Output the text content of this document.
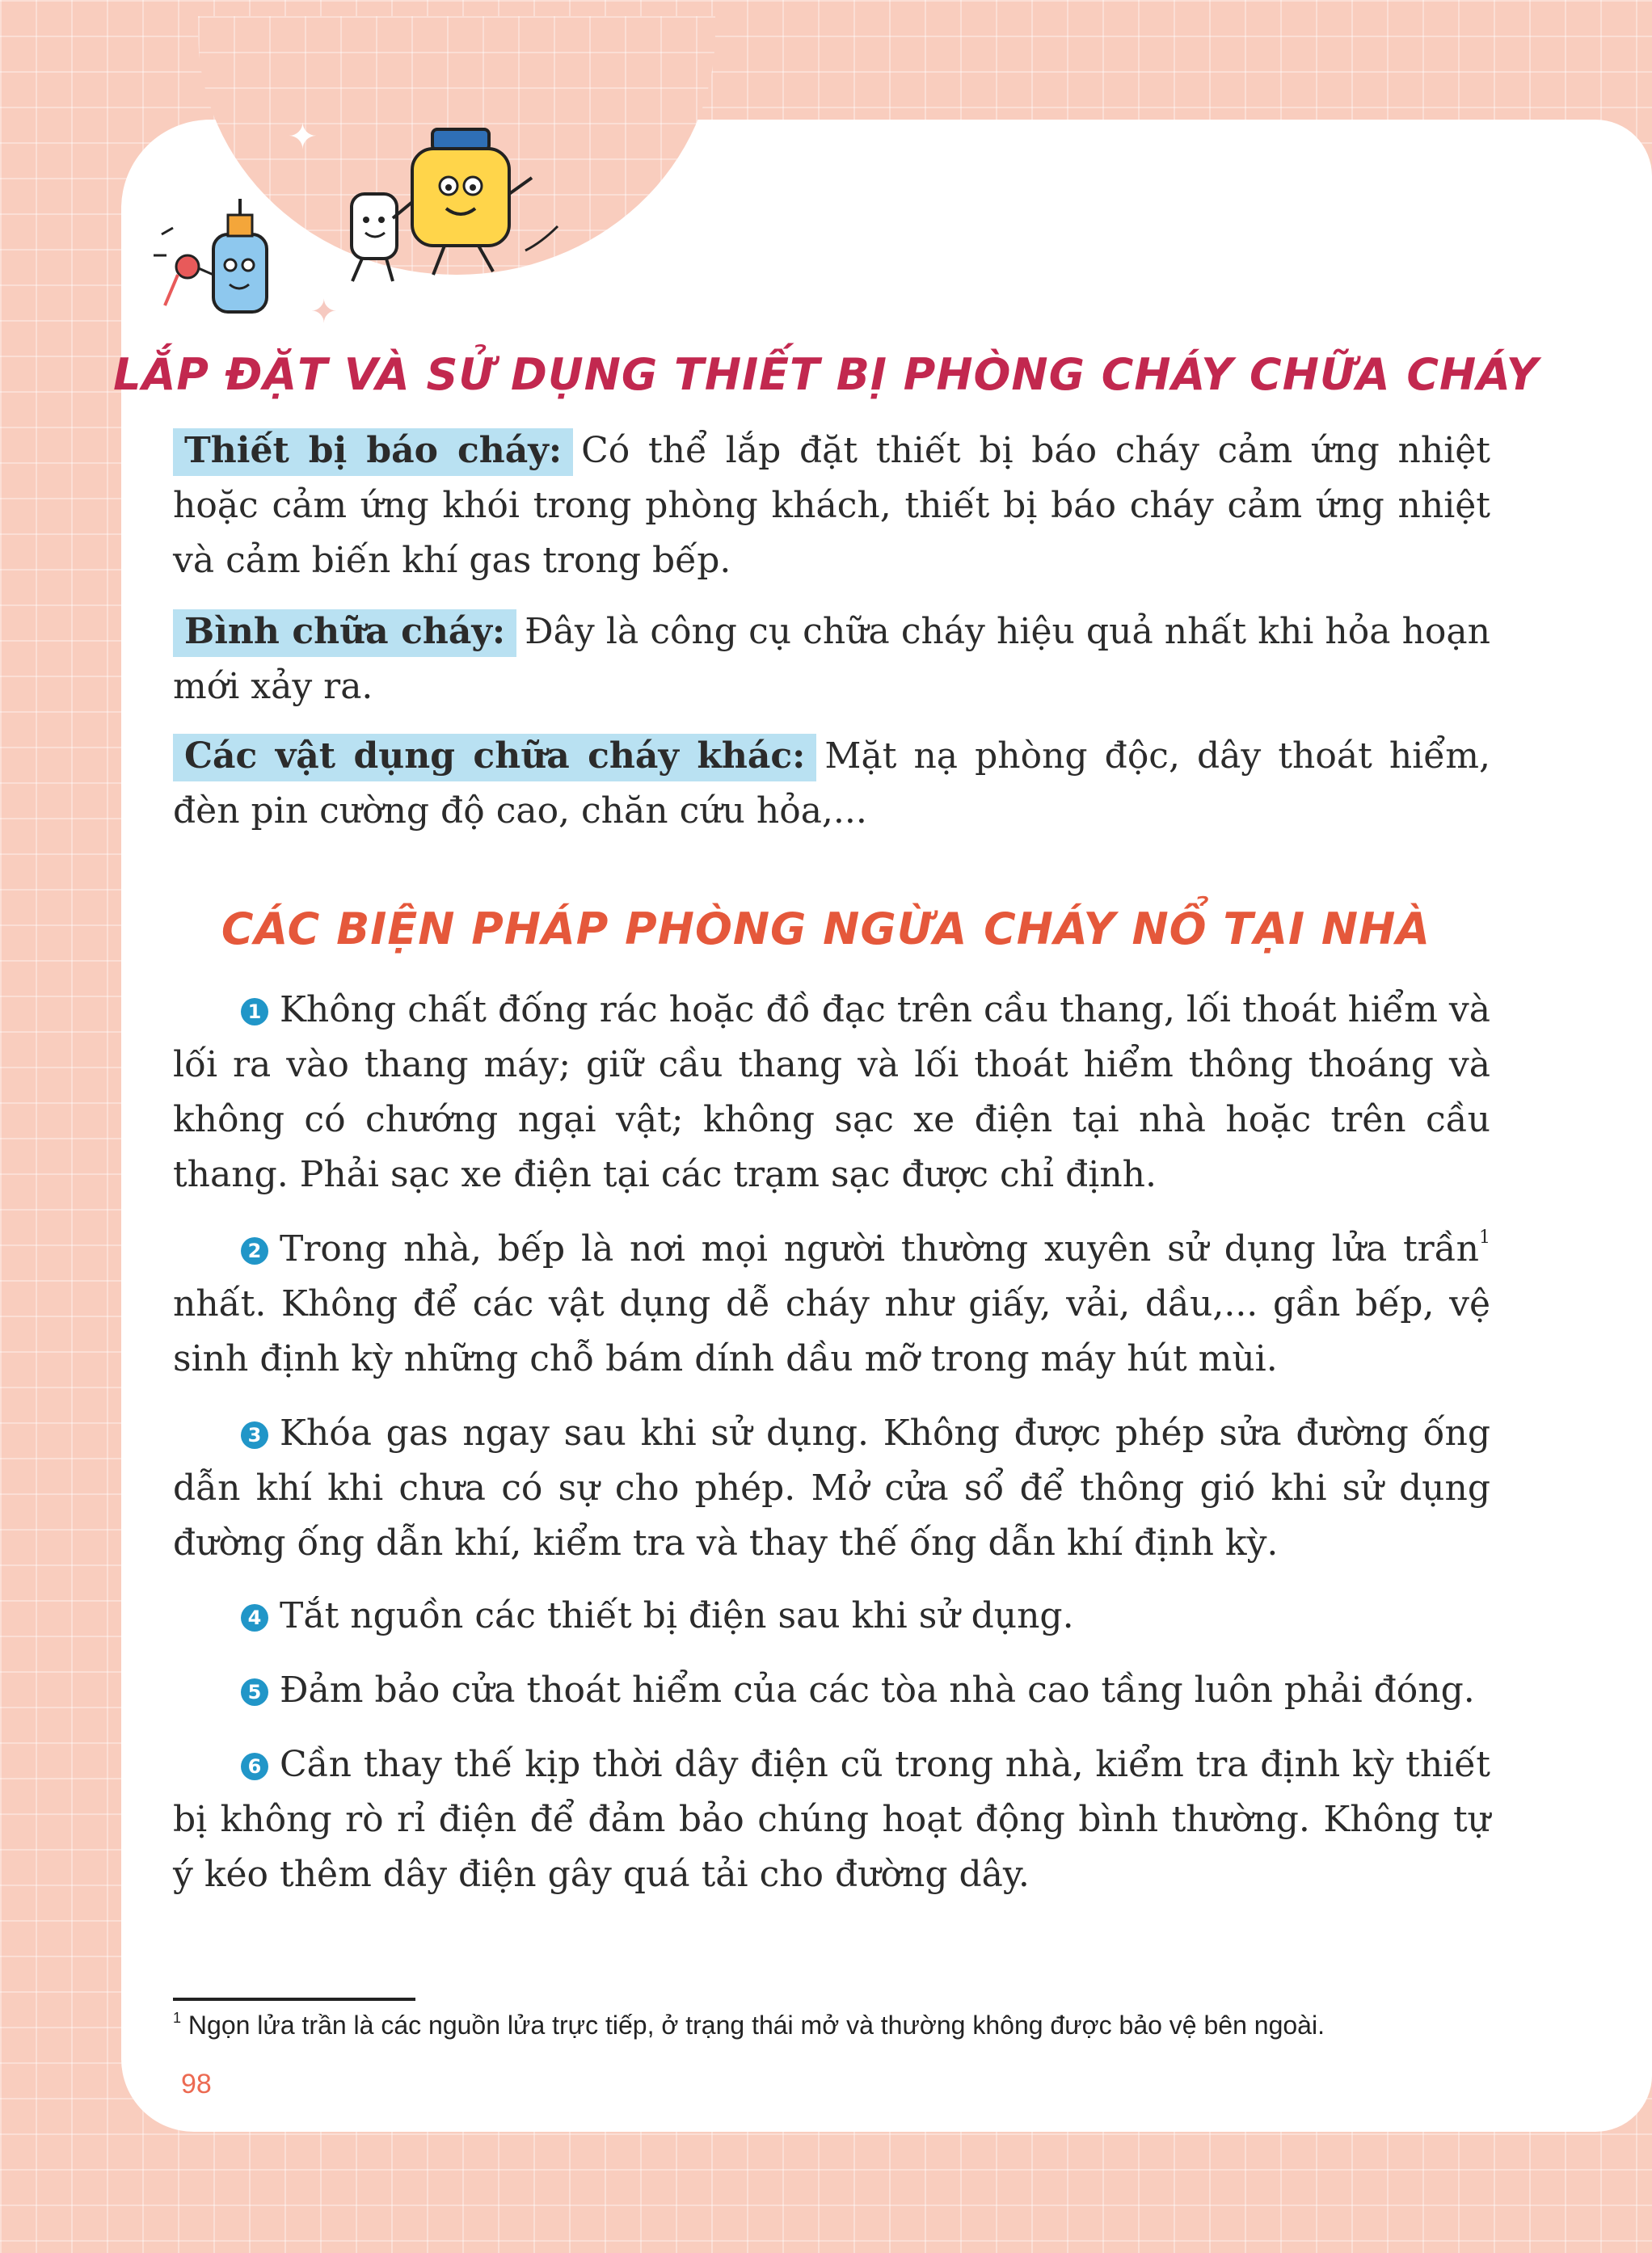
✦
✦
✦
LẮP ĐẶT VÀ SỬ DỤNG THIẾT BỊ PHÒNG CHÁY CHỮA CHÁY

Thiết bị báo cháy: Có thể lắp đặt thiết bị báo cháy cảm ứng nhiệt hoặc cảm ứng khói trong phòng khách, thiết bị báo cháy cảm ứng nhiệt và cảm biến khí gas trong bếp.

Bình chữa cháy: Đây là công cụ chữa cháy hiệu quả nhất khi hỏa hoạn mới xảy ra.

Các vật dụng chữa cháy khác: Mặt nạ phòng độc, dây thoát hiểm, đèn pin cường độ cao, chăn cứu hỏa,...

CÁC BIỆN PHÁP PHÒNG NGỪA CHÁY NỔ TẠI NHÀ

1 Không chất đống rác hoặc đồ đạc trên cầu thang, lối thoát hiểm và lối ra vào thang máy; giữ cầu thang và lối thoát hiểm thông thoáng và không có chướng ngại vật; không sạc xe điện tại nhà hoặc trên cầu thang. Phải sạc xe điện tại các trạm sạc được chỉ định.

2 Trong nhà, bếp là nơi mọi người thường xuyên sử dụng lửa trần$^1$ nhất. Không để các vật dụng dễ cháy như giấy, vải, dầu,... gần bếp, vệ sinh định kỳ những chỗ bám dính dầu mỡ trong máy hút mùi.

3 Khóa gas ngay sau khi sử dụng. Không được phép sửa đường ống dẫn khí khi chưa có sự cho phép. Mở cửa sổ để thông gió khi sử dụng đường ống dẫn khí, kiểm tra và thay thế ống dẫn khí định kỳ.

4 Tắt nguồn các thiết bị điện sau khi sử dụng.

5 Đảm bảo cửa thoát hiểm của các tòa nhà cao tầng luôn phải đóng.

6 Cần thay thế kịp thời dây điện cũ trong nhà, kiểm tra định kỳ thiết bị không rò rỉ điện để đảm bảo chúng hoạt động bình thường. Không tự ý kéo thêm dây điện gây quá tải cho đường dây.

$^1$ Ngọn lửa trần là các nguồn lửa trực tiếp, ở trạng thái mở và thường không được bảo vệ bên ngoài.

98
